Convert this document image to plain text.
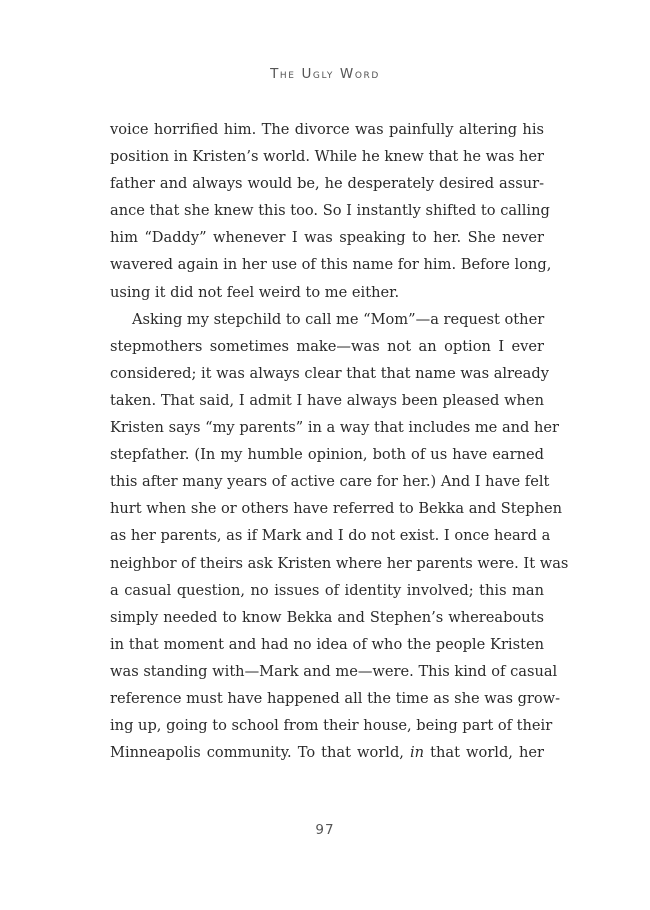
The Ugly Word
voice horrified him. The divorce was painfully altering his
position in Kristen’s world. While he knew that he was her
father and always would be, he desperately desired assur-
ance that she knew this too. So I instantly shifted to calling
him “Daddy” whenever I was speaking to her. She never
wavered again in her use of this name for him. Before long,
using it did not feel weird to me either.
Asking my stepchild to call me “Mom”—a request other
stepmothers sometimes make—was not an option I ever
considered; it was always clear that that name was already
taken. That said, I admit I have always been pleased when
Kristen says “my parents” in a way that includes me and her
stepfather. (In my humble opinion, both of us have earned
this after many years of active care for her.) And I have felt
hurt when she or others have referred to Bekka and Stephen
as her parents, as if Mark and I do not exist. I once heard a
neighbor of theirs ask Kristen where her parents were. It was
a casual question, no issues of identity involved; this man
simply needed to know Bekka and Stephen’s whereabouts
in that moment and had no idea of who the people Kristen
was standing with—Mark and me—were. This kind of casual
reference must have happened all the time as she was grow-
ing up, going to school from their house, being part of their
Minneapolis community. To that world, in that world, her
97
